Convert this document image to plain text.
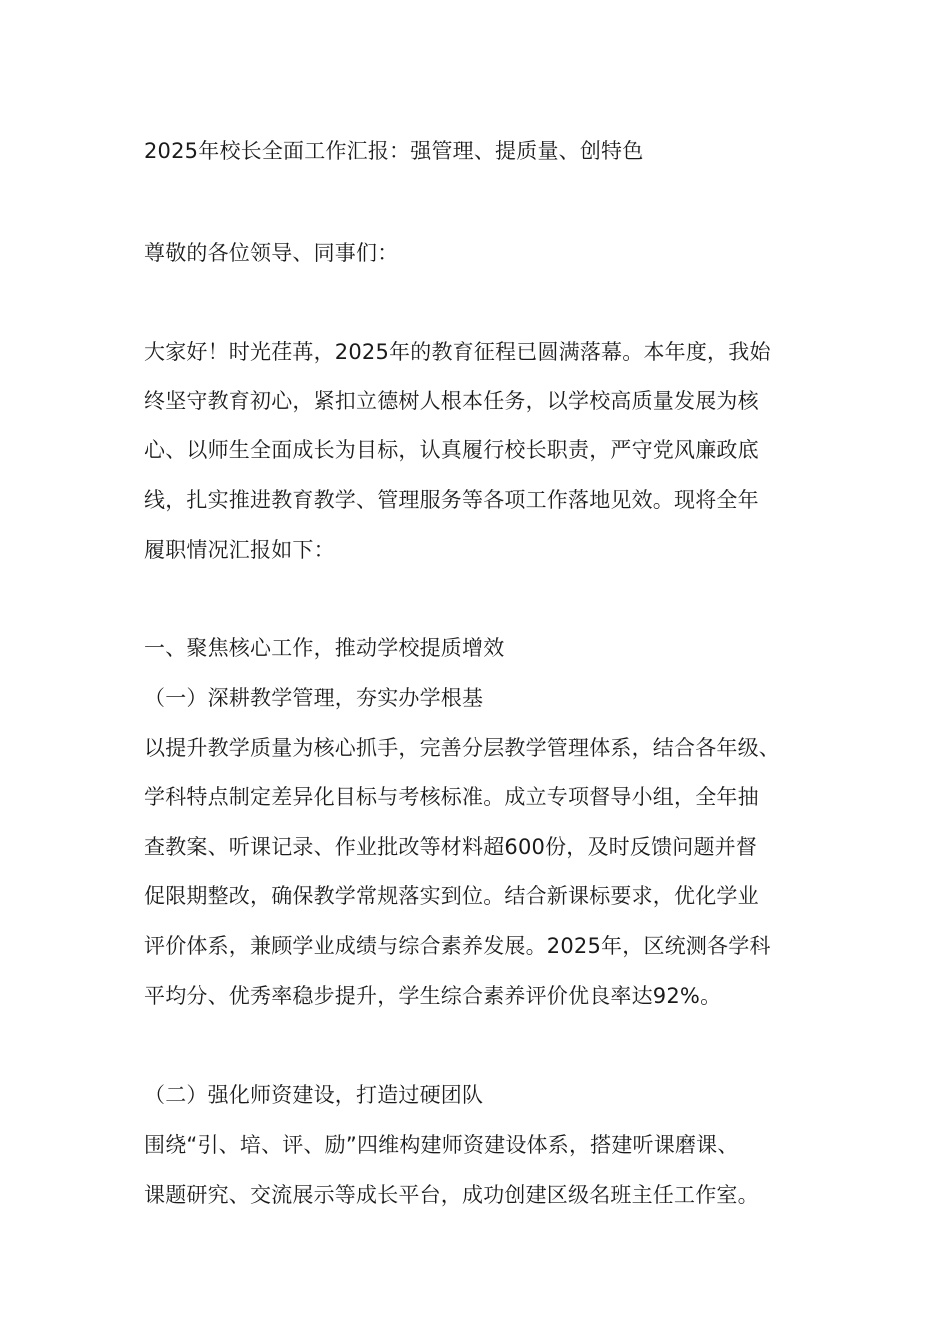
2025年校长全面工作汇报：强管理、提质量、创特色
尊敬的各位领导、同事们：
大家好！时光荏苒，2025年的教育征程已圆满落幕。本年度，我始
终坚守教育初心，紧扣立德树人根本任务，以学校高质量发展为核
心、以师生全面成长为目标，认真履行校长职责，严守党风廉政底
线，扎实推进教育教学、管理服务等各项工作落地见效。现将全年
履职情况汇报如下：
一、聚焦核心工作，推动学校提质增效
（一）深耕教学管理，夯实办学根基
以提升教学质量为核心抓手，完善分层教学管理体系，结合各年级、
学科特点制定差异化目标与考核标准。成立专项督导小组，全年抽
查教案、听课记录、作业批改等材料超600份，及时反馈问题并督
促限期整改，确保教学常规落实到位。结合新课标要求，优化学业
评价体系，兼顾学业成绩与综合素养发展。2025年，区统测各学科
平均分、优秀率稳步提升，学生综合素养评价优良率达92%。
（二）强化师资建设，打造过硬团队
围绕“引、培、评、励”四维构建师资建设体系，搭建听课磨课、
课题研究、交流展示等成长平台，成功创建区级名班主任工作室。
